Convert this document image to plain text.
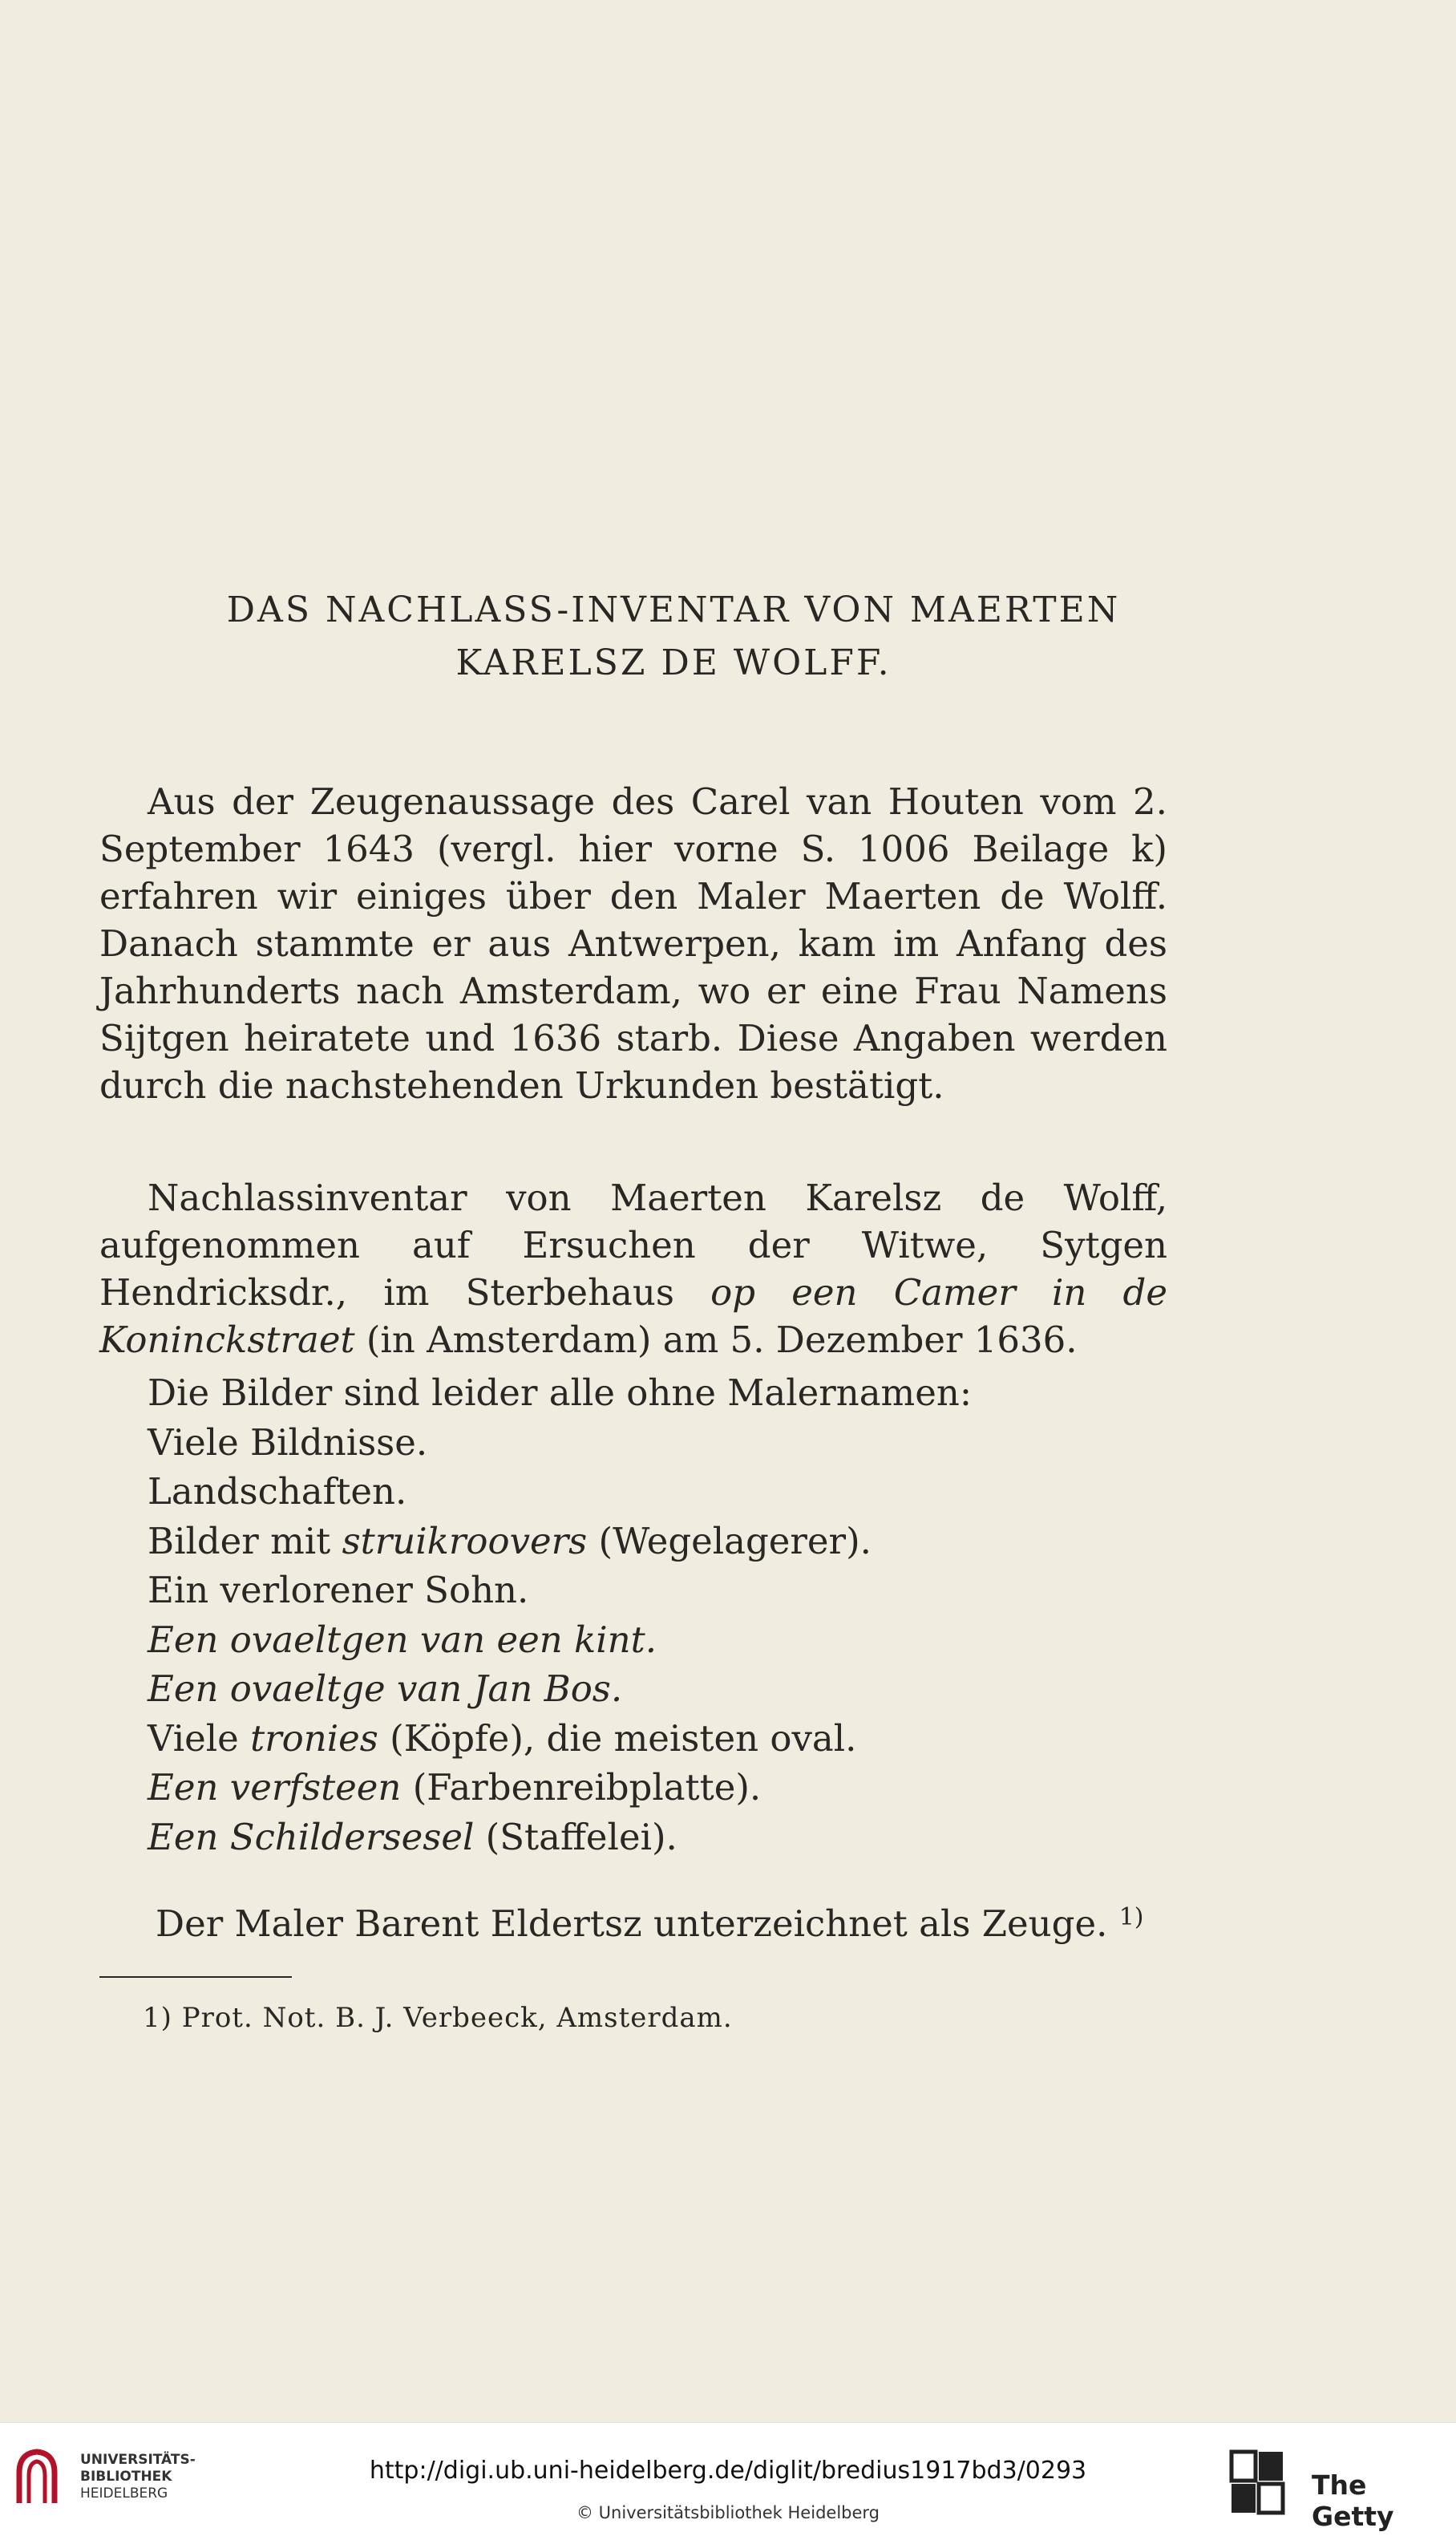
DAS NACHLASS-INVENTAR VON MAERTEN
KARELSZ DE WOLFF.

Aus der Zeugenaussage des Carel van Houten vom 2. September 1643 (vergl. hier vorne S. 1006 Beilage k) erfahren wir einiges über den Maler Maerten de Wolff. Danach stammte er aus Antwerpen, kam im Anfang des Jahrhunderts nach Amsterdam, wo er eine Frau Namens Sijtgen heiratete und 1636 starb. Diese Angaben werden durch die nachstehenden Urkunden bestätigt.

Nachlassinventar von Maerten Karelsz de Wolff, aufgenommen auf Ersuchen der Witwe, Sytgen Hendricksdr., im Sterbehaus op een Camer in de Koninckstraet (in Amsterdam) am 5. Dezember 1636.

Die Bilder sind leider alle ohne Malernamen:
Viele Bildnisse.
Landschaften.
Bilder mit struikroovers (Wegelagerer).
Ein verlorener Sohn.
Een ovaeltgen van een kint.
Een ovaeltge van Jan Bos.
Viele tronies (Köpfe), die meisten oval.
Een verfsteen (Farbenreibplatte).
Een Schildersesel (Staffelei).
Der Maler Barent Eldertsz unterzeichnet als Zeuge. $^{1)}$
1) Prot. Not. B. J. Verbeeck, Amsterdam.
UNIVERSITÄTS-
BIBLIOTHEK
HEIDELBERG
http://digi.ub.uni-heidelberg.de/diglit/bredius1917bd3/0293
© Universitätsbibliothek Heidelberg
The Getty
